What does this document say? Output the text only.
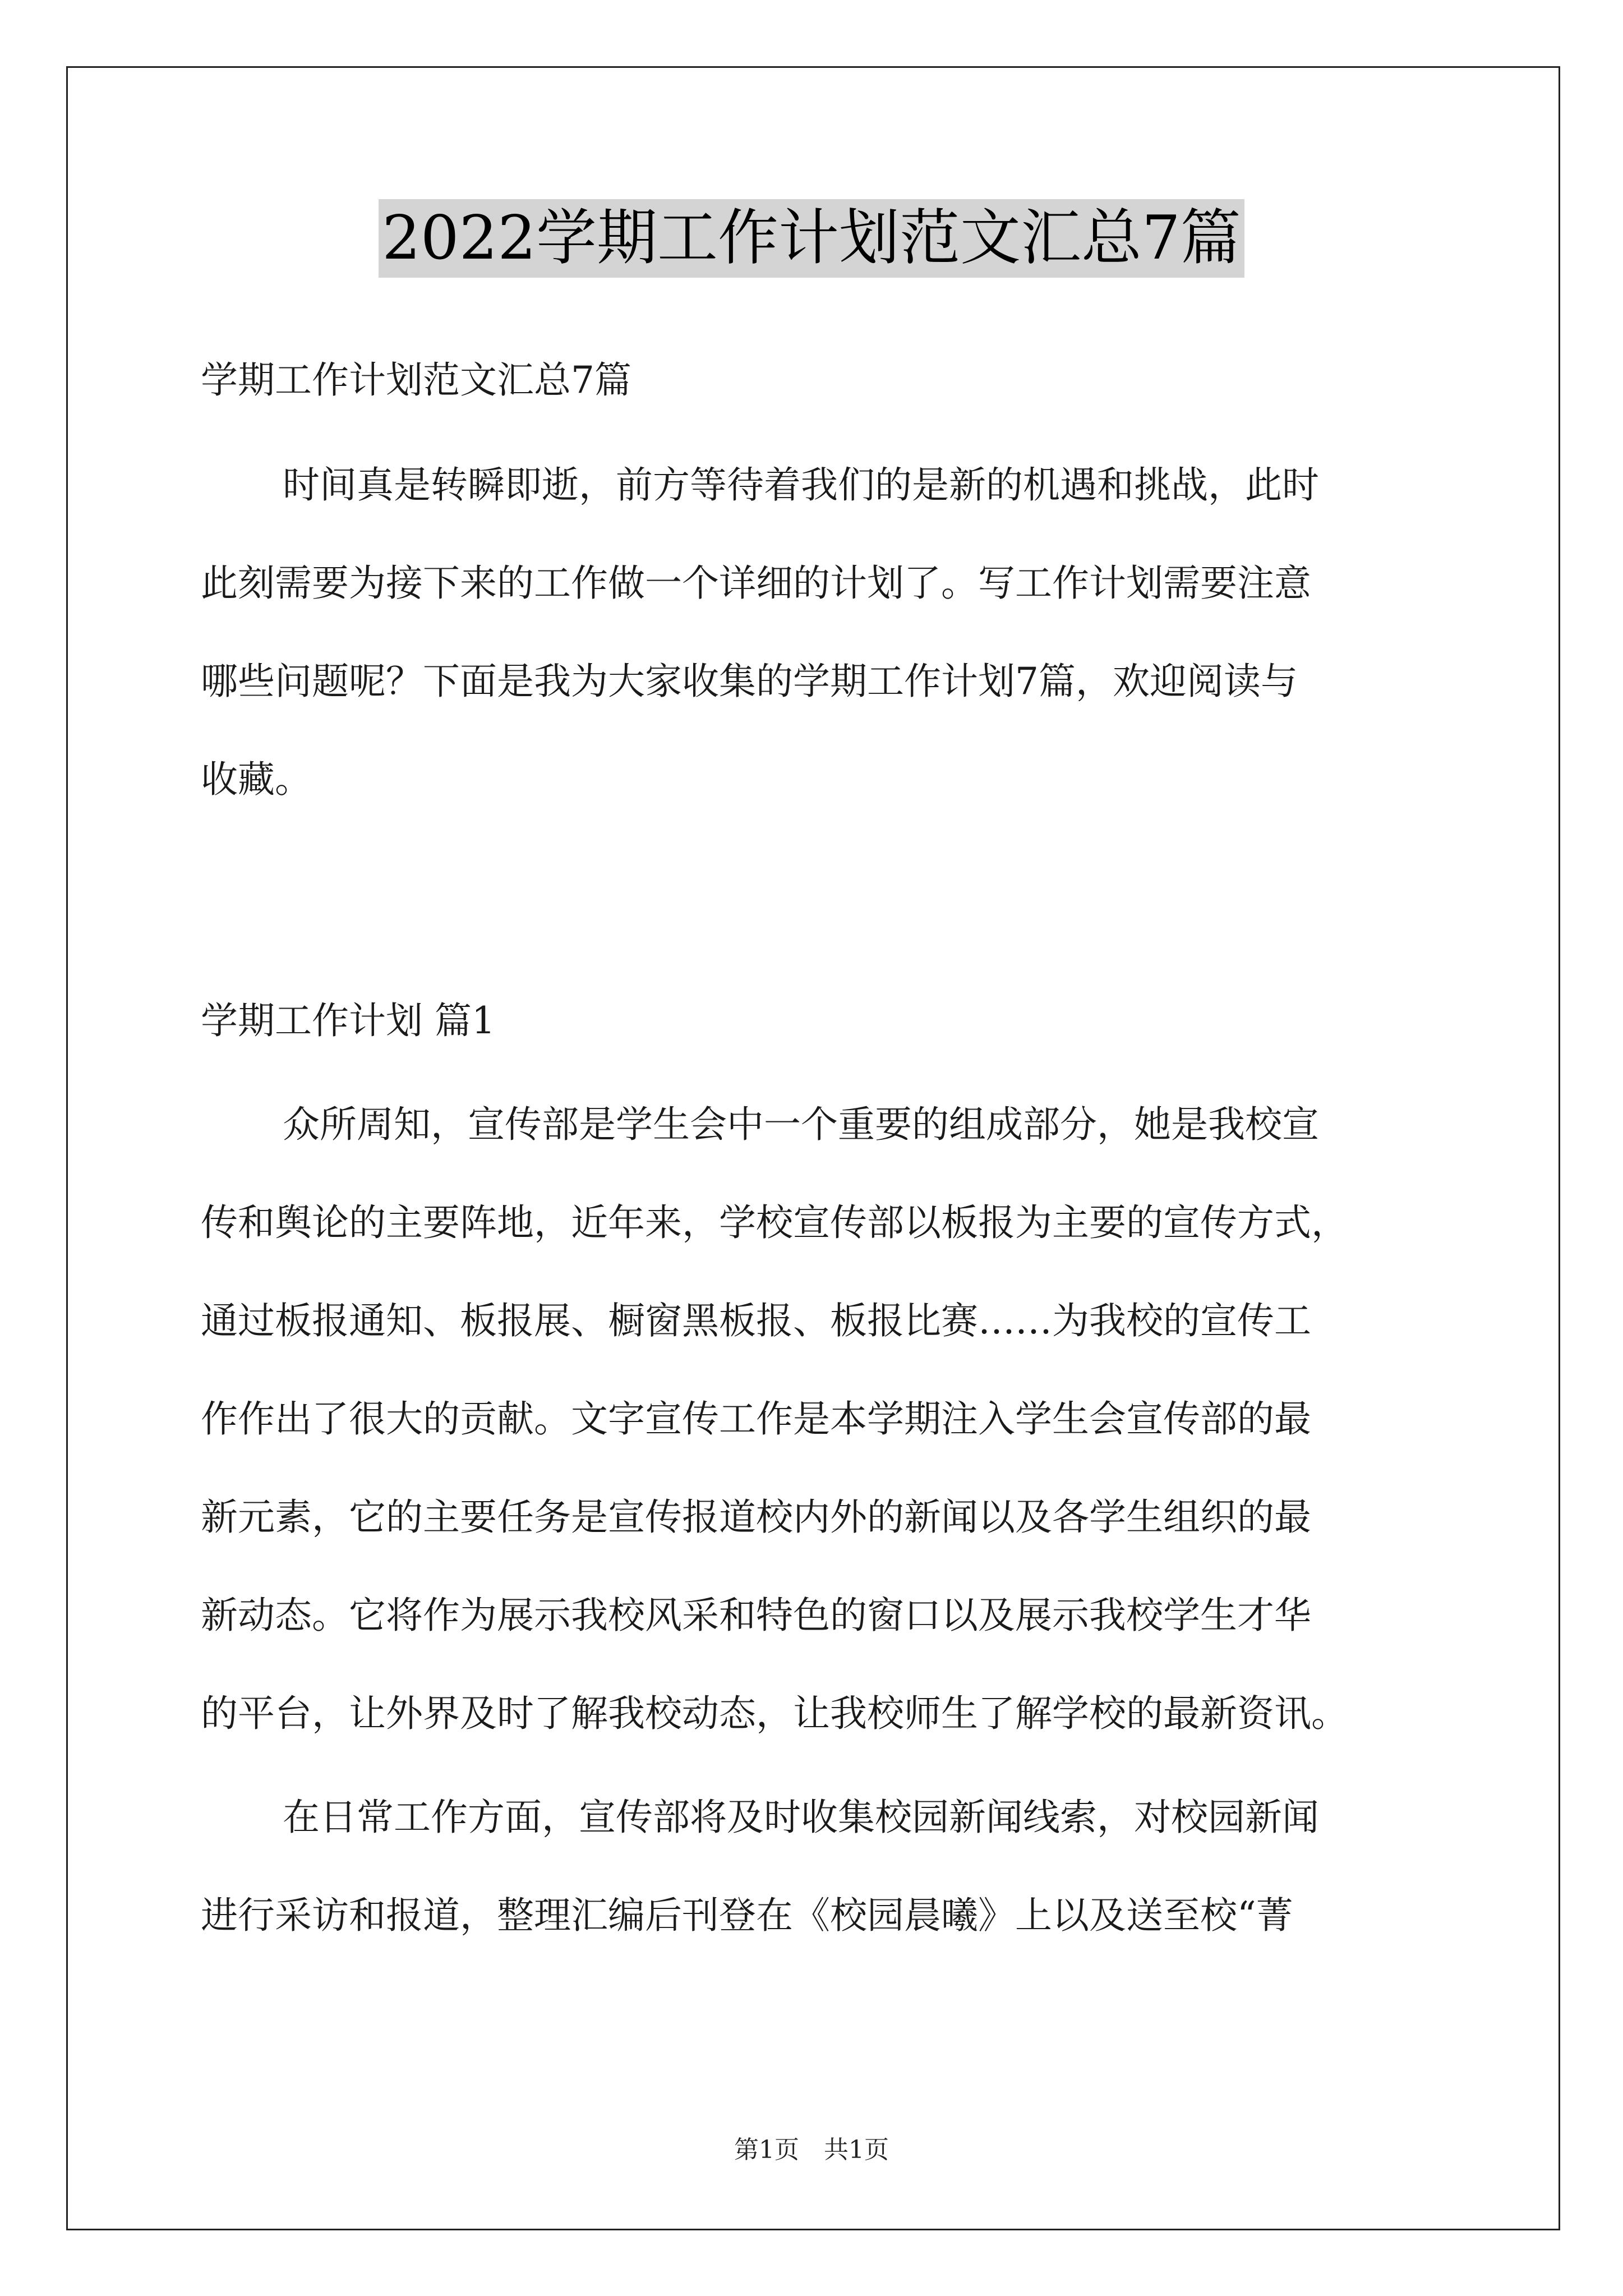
2022学期工作计划范文汇总7篇
学期工作计划范文汇总7篇
时间真是转瞬即逝，前方等待着我们的是新的机遇和挑战，此时
此刻需要为接下来的工作做一个详细的计划了。写工作计划需要注意
哪些问题呢？下面是我为大家收集的学期工作计划7篇，欢迎阅读与
收藏。
学期工作计划 篇1
众所周知，宣传部是学生会中一个重要的组成部分，她是我校宣
传和舆论的主要阵地，近年来，学校宣传部以板报为主要的宣传方式，
通过板报通知、板报展、橱窗黑板报、板报比赛……为我校的宣传工
作作出了很大的贡献。文字宣传工作是本学期注入学生会宣传部的最
新元素，它的主要任务是宣传报道校内外的新闻以及各学生组织的最
新动态。它将作为展示我校风采和特色的窗口以及展示我校学生才华
的平台，让外界及时了解我校动态，让我校师生了解学校的最新资讯。
在日常工作方面，宣传部将及时收集校园新闻线索，对校园新闻
进行采访和报道，整理汇编后刊登在《校园晨曦》上以及送至校“菁
第1页　共1页
